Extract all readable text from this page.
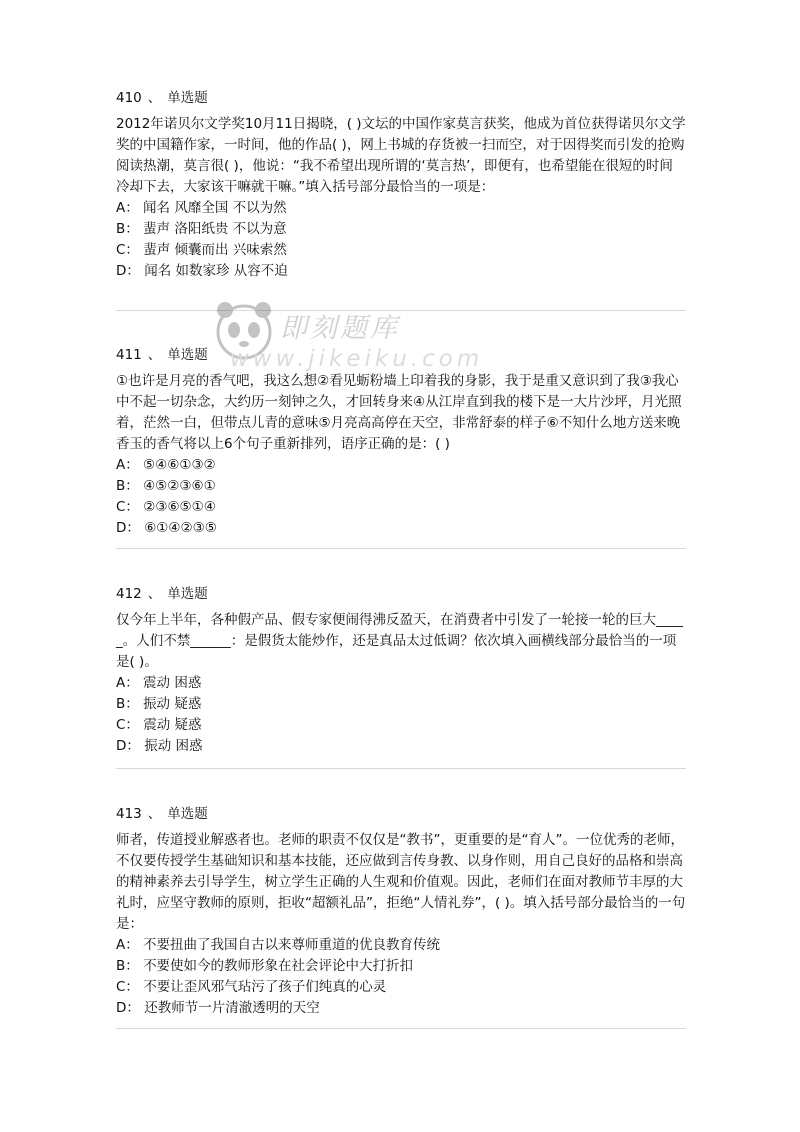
410 、 单选题
2012年诺贝尔文学奖10月11日揭晓，( )文坛的中国作家莫言获奖，他成为首位获得诺贝尔文学奖的中国籍作家，一时间，他的作品( )，网上书城的存货被一扫而空，对于因得奖而引发的抢购阅读热潮，莫言很( )，他说：“我不希望出现所谓的‘莫言热’，即便有，也希望能在很短的时间冷却下去，大家该干嘛就干嘛。”填入括号部分最恰当的一项是：
A： 闻名 风靡全国 不以为然
B： 蜚声 洛阳纸贵 不以为意
C： 蜚声 倾囊而出 兴味索然
D： 闻名 如数家珍 从容不迫
411 、 单选题
①也许是月亮的香气吧，我这么想②看见蛎粉墙上印着我的身影，我于是重又意识到了我③我心中不起一切杂念，大约历一刻钟之久，才回转身来④从江岸直到我的楼下是一大片沙坪，月光照着，茫然一白，但带点儿青的意味⑤月亮高高停在天空，非常舒泰的样子⑥不知什么地方送来晚香玉的香气将以上6个句子重新排列，语序正确的是：( )
A： ⑤④⑥①③②
B： ④⑤②③⑥①
C： ②③⑥⑤①④
D： ⑥①④②③⑤
412 、 单选题
仅今年上半年，各种假产品、假专家便闹得沸反盈天，在消费者中引发了一轮接一轮的巨大_____。人们不禁______：是假货太能炒作，还是真品太过低调？依次填入画横线部分最恰当的一项是( )。
A： 震动 困惑
B： 振动 疑惑
C： 震动 疑惑
D： 振动 困惑
413 、 单选题
师者，传道授业解惑者也。老师的职责不仅仅是“教书”，更重要的是“育人”。一位优秀的老师，不仅要传授学生基础知识和基本技能，还应做到言传身教、以身作则，用自己良好的品格和崇高的精神素养去引导学生，树立学生正确的人生观和价值观。因此，老师们在面对教师节丰厚的大礼时，应坚守教师的原则，拒收“超额礼品”，拒绝“人情礼券”，( )。填入括号部分最恰当的一句是：
A： 不要扭曲了我国自古以来尊师重道的优良教育传统
B： 不要使如今的教师形象在社会评论中大打折扣
C： 不要让歪风邪气玷污了孩子们纯真的心灵
D： 还教师节一片清澈透明的天空
即刻题库
www.jikeiku.com
